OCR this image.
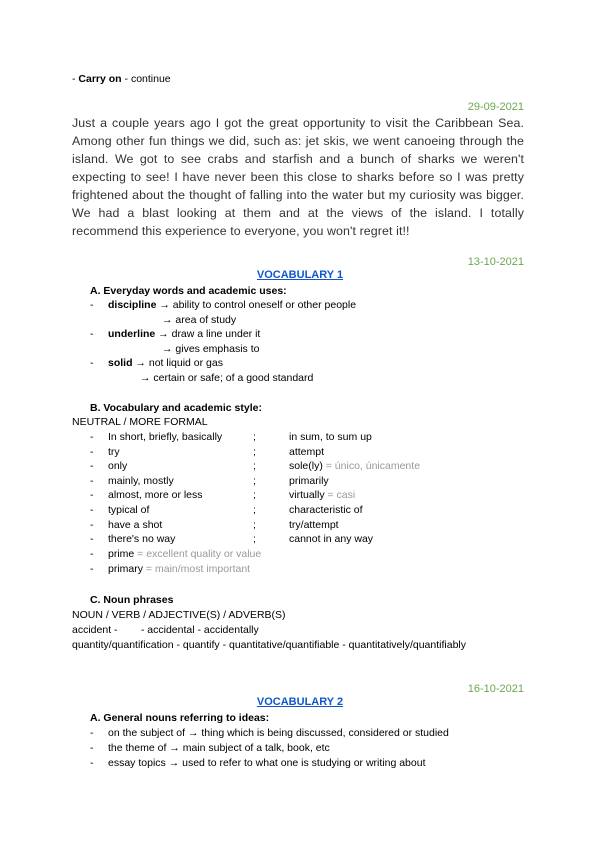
- Carry on - continue
29-09-2021
Just a couple years ago I got the great opportunity to visit the Caribbean Sea. Among other fun things we did, such as: jet skis, we went canoeing through the island. We got to see crabs and starfish and a bunch of sharks we weren't expecting to see! I have never been this close to sharks before so I was pretty frightened about the thought of falling into the water but my curiosity was bigger. We had a blast looking at them and at the views of the island. I totally recommend this experience to everyone, you won't regret it!!
13-10-2021
VOCABULARY 1
A. Everyday words and academic uses:
- discipline → ability to control oneself or other people
→ area of study
- underline → draw a line under it
→ gives emphasis to
- solid → not liquid or gas
→ certain or safe; of a good standard
B. Vocabulary and academic style:
NEUTRAL / MORE FORMAL
- In short, briefly, basically	;	in sum, to sum up
- try	;	attempt
- only	;	sole(ly) = único, únicamente
- mainly, mostly	;	primarily
- almost, more or less	;	virtually = casi
- typical of	;	characteristic of
- have a shot	;	try/attempt
- there's no way	;	cannot in any way
- prime = excellent quality or value
- primary = main/most important
C. Noun phrases
NOUN / VERB / ADJECTIVE(S) / ADVERB(S)
accident -        - accidental - accidentally
quantity/quantification - quantify - quantitative/quantifiable - quantitatively/quantifiably
16-10-2021
VOCABULARY 2
A. General nouns referring to ideas:
- on the subject of → thing which is being discussed, considered or studied
- the theme of → main subject of a talk, book, etc
- essay topics → used to refer to what one is studying or writing about
